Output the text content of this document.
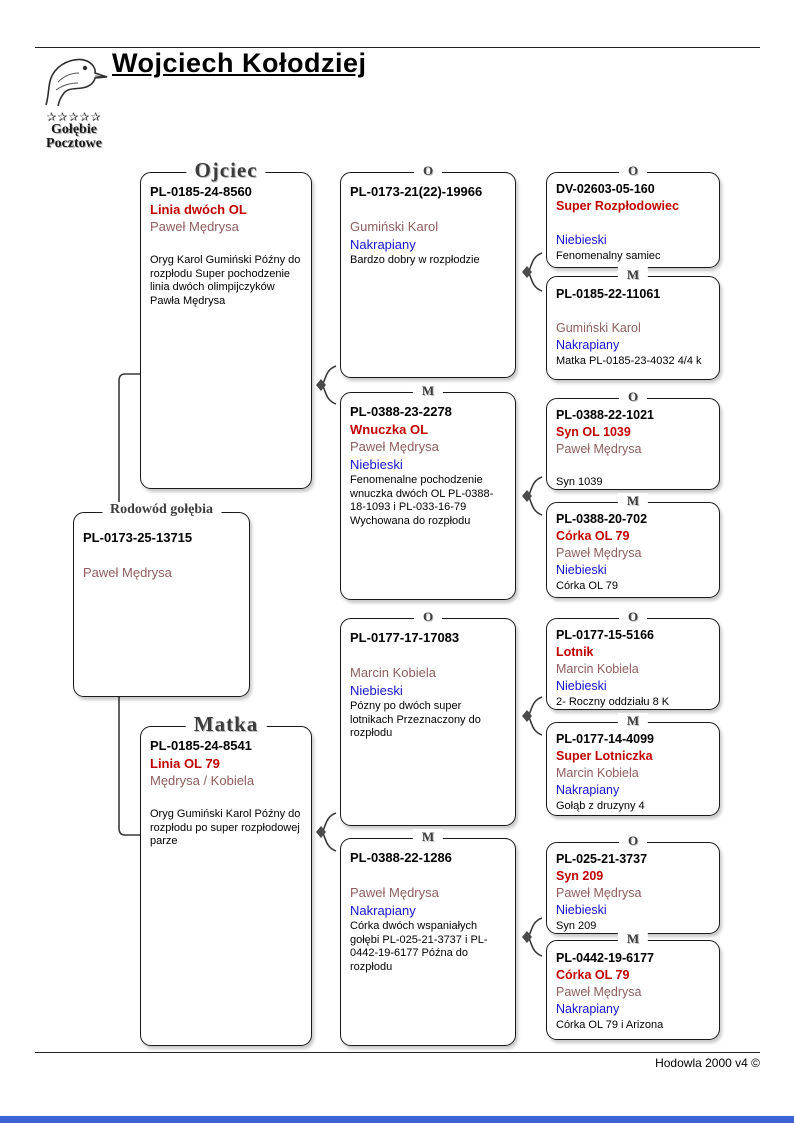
✰✰✰✰✰
Gołębie
Pocztowe
Wojciech Kołodziej
Ojciec
PL-0185-24-8560
Linia dwóch OL
Paweł Mędrysa
Oryg Karol Gumiński Późny do rozpłodu Super pochodzenie linia dwóch olimpijczyków Pawła Mędrysa
Rodowód gołębia
PL-0173-25-13715
Paweł Mędrysa
Matka
PL-0185-24-8541
Linia OL 79
Mędrysa / Kobiela
Oryg Gumiński Karol Późny do rozpłodu po super rozpłodowej parze
O
PL-0173-21(22)-19966
Gumiński Karol
Nakrapiany
Bardzo dobry w rozpłodzie
M
PL-0388-23-2278
Wnuczka OL
Paweł Mędrysa
Niebieski
Fenomenalne pochodzenie wnuczka dwóch OL PL-0388-18-1093 i PL-033-16-79 Wychowana do rozpłodu
O
PL-0177-17-17083
Marcin Kobiela
Niebieski
Pózny po dwóch super lotnikach Przeznaczony do rozpłodu
M
PL-0388-22-1286
Paweł Mędrysa
Nakrapiany
Córka dwóch wspaniałych gołębi PL-025-21-3737 i PL-0442-19-6177 Późna do rozpłodu
O
DV-02603-05-160
Super Rozpłodowiec
Niebieski
Fenomenalny samiec
M
PL-0185-22-11061
Gumiński Karol
Nakrapiany
Matka PL-0185-23-4032 4/4 k
O
PL-0388-22-1021
Syn OL 1039
Paweł Mędrysa
Syn 1039
M
PL-0388-20-702
Córka OL 79
Paweł Mędrysa
Niebieski
Córka OL 79
O
PL-0177-15-5166
Lotnik
Marcin Kobiela
Niebieski
2- Roczny oddziału 8 K
M
PL-0177-14-4099
Super Lotniczka
Marcin Kobiela
Nakrapiany
Gołąb z druzyny 4
O
PL-025-21-3737
Syn 209
Paweł Mędrysa
Niebieski
Syn 209
M
PL-0442-19-6177
Córka OL 79
Paweł Mędrysa
Nakrapiany
Córka OL 79 i Arizona
Hodowla 2000 v4 ©
